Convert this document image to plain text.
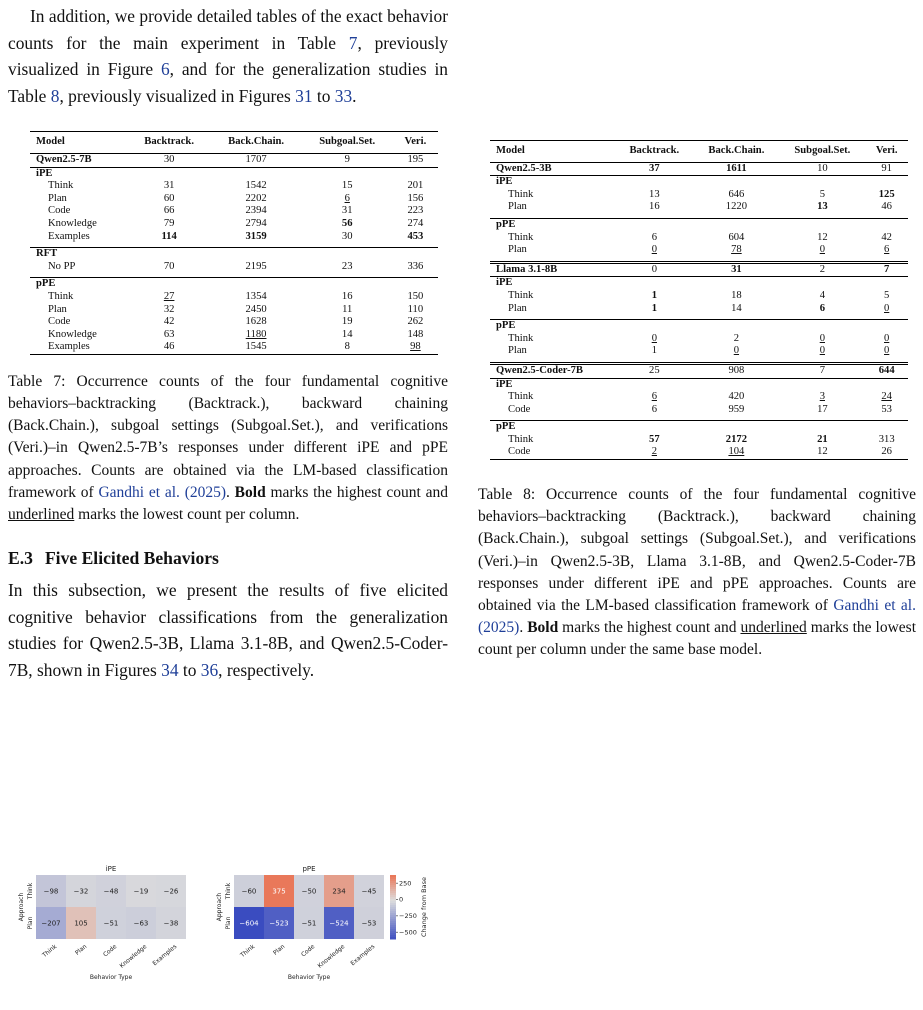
In addition, we provide detailed tables of the exact behavior counts for the main experiment in Table 7, previously visualized in Figure 6, and for the generalization studies in Table 8, previously visualized in Figures 31 to 33.

Model	Backtrack.	Back.Chain.	Subgoal.Set.	Veri.
Qwen2.5-7B	30	1707	9	195
iPE				
Think	31	1542	15	201
Plan	60	2202	6	156
Code	66	2394	31	223
Knowledge	79	2794	56	274
Examples	114	3159	30	453

RFT				
No PP	70	2195	23	336

pPE				
Think	27	1354	16	150
Plan	32	2450	11	110
Code	42	1628	19	262
Knowledge	63	1180	14	148
Examples	46	1545	8	98

Table 7: Occurrence counts of the four fundamental cognitive behaviors–backtracking (Backtrack.), backward chaining (Back.Chain.), subgoal settings (Subgoal.Set.), and verifications (Veri.)–in Qwen2.5-7B’s responses under different iPE and pPE approaches. Counts are obtained via the LM-based classification framework of Gandhi et al. (2025). Bold marks the highest count and underlined marks the lowest count per column.

E.3 Five Elicited Behaviors

In this subsection, we present the results of five elicited cognitive behavior classifications from the generalization studies for Qwen2.5-3B, Llama 3.1-8B, and Qwen2.5-Coder-7B, shown in Figures 34 to 36, respectively.

iPE
−98 −32 −48 −19 −26
−207 105 −51 −63 −38
Think
Plan
Approach
Think	Plan Code Knowledge Examples
Behavior Type
pPE
−60 375 −50 234 −45
−604 −523 −51 −524 −53
Think
Plan
Approach
Think	Plan Code Knowledge Examples
Behavior Type
250
0
−250
−500 Change from Base
Model	Backtrack.	Back.Chain.	Subgoal.Set.	Veri.
Qwen2.5-3B	37	1611	10	91
iPE				
Think	13	646	5	125
Plan	16	1220	13	46

pPE				
Think	6	604	12	42
Plan	0	78	0	6

Llama 3.1-8B	0	31	2	7
iPE				
Think	1	18	4	5
Plan	1	14	6	0

pPE				
Think	0	2	0	0
Plan	1	0	0	0

Qwen2.5-Coder-7B	25	908	7	644
iPE				
Think	6	420	3	24
Code	6	959	17	53

pPE				
Think	57	2172	21	313
Code	2	104	12	26

Table 8: Occurrence counts of the four fundamental cognitive behaviors–backtracking (Backtrack.), backward chaining (Back.Chain.), subgoal settings (Subgoal.Set.), and verifications (Veri.)–in Qwen2.5-3B, Llama 3.1-8B, and Qwen2.5-Coder-7B responses under different iPE and pPE approaches. Counts are obtained via the LM-based classification framework of Gandhi et al. (2025). Bold marks the highest count and underlined marks the lowest count per column under the same base model.
